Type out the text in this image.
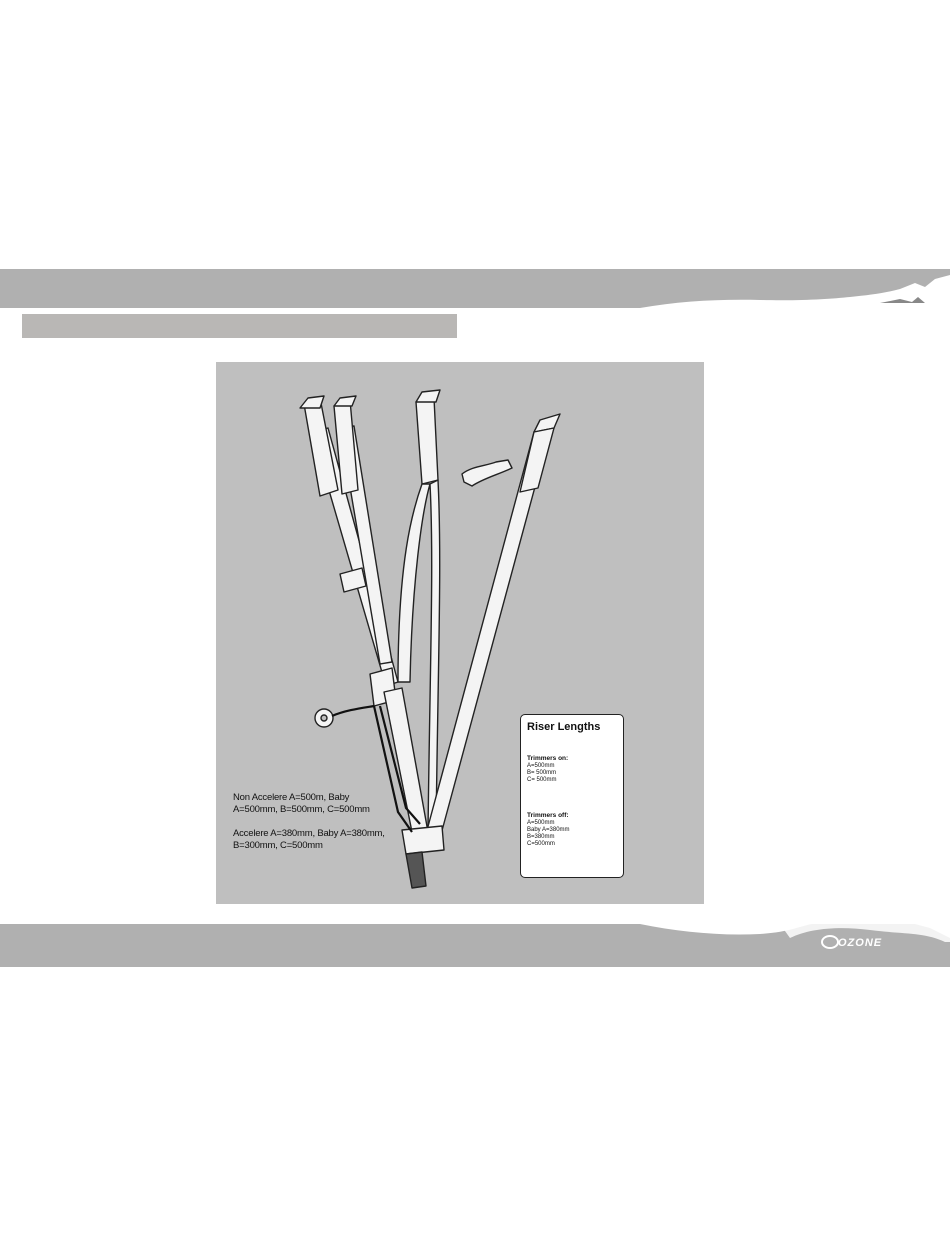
Non Accelere A=500m, Baby

A=500mm, B=500mm, C=500mm

Accelere A=380mm, Baby A=380mm,

B=300mm, C=500mm

Riser Lengths

Trimmers on:

A=500mm

B= 500mm

C= 500mm

Trimmers off:

A=500mm

Baby A=380mm

B=380mm

C=500mm

OZONE
